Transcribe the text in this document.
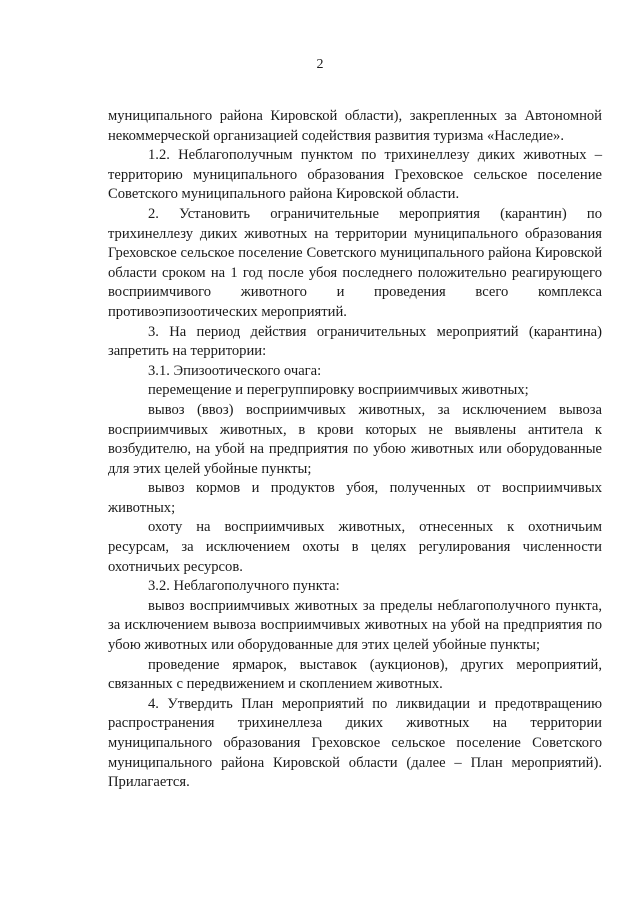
2

муниципального района Кировской области), закрепленных за Автономной некоммерческой организацией содействия развития туризма «Наследие».

1.2. Неблагополучным пунктом по трихинеллезу диких животных – территорию муниципального образования Греховское сельское поселение Советского муниципального района Кировской области.

2. Установить ограничительные мероприятия (карантин) по трихинеллезу диких животных на территории муниципального образования Греховское сельское поселение Советского муниципального района Кировской области сроком на 1 год после убоя последнего положительно реагирующего восприимчивого животного и проведения всего комплекса противоэпизоотических мероприятий.

3. На период действия ограничительных мероприятий (карантина) запретить на территории:

3.1. Эпизоотического очага:

перемещение и перегруппировку восприимчивых животных;

вывоз (ввоз) восприимчивых животных, за исключением вывоза восприимчивых животных, в крови которых не выявлены антитела к возбудителю, на убой на предприятия по убою животных или оборудованные для этих целей убойные пункты;

вывоз кормов и продуктов убоя, полученных от восприимчивых животных;

охоту на восприимчивых животных, отнесенных к охотничьим ресурсам, за исключением охоты в целях регулирования численности охотничьих ресурсов.

3.2. Неблагополучного пункта:

вывоз восприимчивых животных за пределы неблагополучного пункта, за исключением вывоза восприимчивых животных на убой на предприятия по убою животных или оборудованные для этих целей убойные пункты;

проведение ярмарок, выставок (аукционов), других мероприятий, связанных с передвижением и скоплением животных.

4. Утвердить План мероприятий по ликвидации и предотвращению распространения трихинеллеза диких животных на территории муниципального образования Греховское сельское поселение Советского муниципального района Кировской области (далее – План мероприятий). Прилагается.
